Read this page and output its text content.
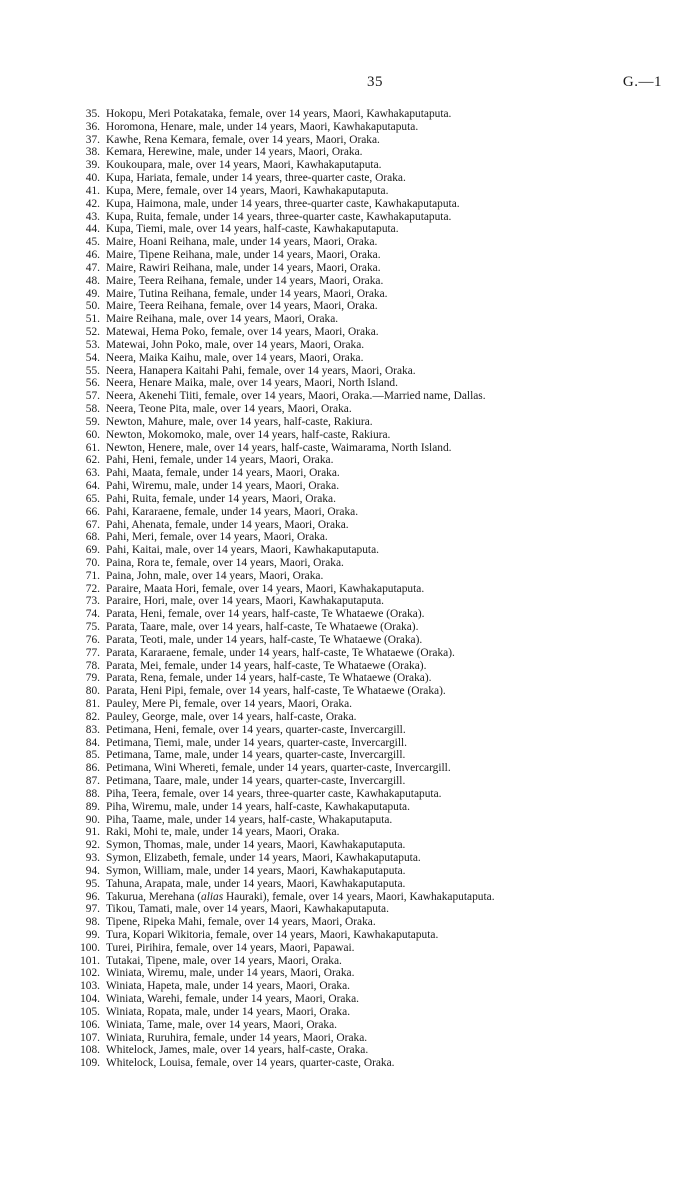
35	G.—1
35. Hokopu, Meri Potakataka, female, over 14 years, Maori, Kawhakaputaputa.
36. Horomona, Henare, male, under 14 years, Maori, Kawhakaputaputa.
37. Kawhe, Rena Kemara, female, over 14 years, Maori, Oraka.
38. Kemara, Herewine, male, under 14 years, Maori, Oraka.
39. Koukoupara, male, over 14 years, Maori, Kawhakaputaputa.
40. Kupa, Hariata, female, under 14 years, three-quarter caste, Oraka.
41. Kupa, Mere, female, over 14 years, Maori, Kawhakaputaputa.
42. Kupa, Haimona, male, under 14 years, three-quarter caste, Kawhakaputaputa.
43. Kupa, Ruita, female, under 14 years, three-quarter caste, Kawhakaputaputa.
44. Kupa, Tiemi, male, over 14 years, half-caste, Kawhakaputaputa.
45. Maire, Hoani Reihana, male, under 14 years, Maori, Oraka.
46. Maire, Tipene Reihana, male, under 14 years, Maori, Oraka.
47. Maire, Rawiri Reihana, male, under 14 years, Maori, Oraka.
48. Maire, Teera Reihana, female, under 14 years, Maori, Oraka.
49. Maire, Tutina Reihana, female, under 14 years, Maori, Oraka.
50. Maire, Teera Reihana, female, over 14 years, Maori, Oraka.
51. Maire Reihana, male, over 14 years, Maori, Oraka.
52. Matewai, Hema Poko, female, over 14 years, Maori, Oraka.
53. Matewai, John Poko, male, over 14 years, Maori, Oraka.
54. Neera, Maika Kaihu, male, over 14 years, Maori, Oraka.
55. Neera, Hanapera Kaitahi Pahi, female, over 14 years, Maori, Oraka.
56. Neera, Henare Maika, male, over 14 years, Maori, North Island.
57. Neera, Akenehi Tiiti, female, over 14 years, Maori, Oraka.—Married name, Dallas.
58. Neera, Teone Pita, male, over 14 years, Maori, Oraka.
59. Newton, Mahure, male, over 14 years, half-caste, Rakiura.
60. Newton, Mokomoko, male, over 14 years, half-caste, Rakiura.
61. Newton, Henere, male, over 14 years, half-caste, Waimarama, North Island.
62. Pahi, Heni, female, under 14 years, Maori, Oraka.
63. Pahi, Maata, female, under 14 years, Maori, Oraka.
64. Pahi, Wiremu, male, under 14 years, Maori, Oraka.
65. Pahi, Ruita, female, under 14 years, Maori, Oraka.
66. Pahi, Kararaene, female, under 14 years, Maori, Oraka.
67. Pahi, Ahenata, female, under 14 years, Maori, Oraka.
68. Pahi, Meri, female, over 14 years, Maori, Oraka.
69. Pahi, Kaitai, male, over 14 years, Maori, Kawhakaputaputa.
70. Paina, Rora te, female, over 14 years, Maori, Oraka.
71. Paina, John, male, over 14 years, Maori, Oraka.
72. Paraire, Maata Hori, female, over 14 years, Maori, Kawhakaputaputa.
73. Paraire, Hori, male, over 14 years, Maori, Kawhakaputaputa.
74. Parata, Heni, female, over 14 years, half-caste, Te Whataewe (Oraka).
75. Parata, Taare, male, over 14 years, half-caste, Te Whataewe (Oraka).
76. Parata, Teoti, male, under 14 years, half-caste, Te Whataewe (Oraka).
77. Parata, Kararaene, female, under 14 years, half-caste, Te Whataewe (Oraka).
78. Parata, Mei, female, under 14 years, half-caste, Te Whataewe (Oraka).
79. Parata, Rena, female, under 14 years, half-caste, Te Whataewe (Oraka).
80. Parata, Heni Pipi, female, over 14 years, half-caste, Te Whataewe (Oraka).
81. Pauley, Mere Pi, female, over 14 years, Maori, Oraka.
82. Pauley, George, male, over 14 years, half-caste, Oraka.
83. Petimana, Heni, female, over 14 years, quarter-caste, Invercargill.
84. Petimana, Tiemi, male, under 14 years, quarter-caste, Invercargill.
85. Petimana, Tame, male, under 14 years, quarter-caste, Invercargill.
86. Petimana, Wini Whereti, female, under 14 years, quarter-caste, Invercargill.
87. Petimana, Taare, male, under 14 years, quarter-caste, Invercargill.
88. Piha, Teera, female, over 14 years, three-quarter caste, Kawhakaputaputa.
89. Piha, Wiremu, male, under 14 years, half-caste, Kawhakaputaputa.
90. Piha, Taame, male, under 14 years, half-caste, Whakaputaputa.
91. Raki, Mohi te, male, under 14 years, Maori, Oraka.
92. Symon, Thomas, male, under 14 years, Maori, Kawhakaputaputa.
93. Symon, Elizabeth, female, under 14 years, Maori, Kawhakaputaputa.
94. Symon, William, male, under 14 years, Maori, Kawhakaputaputa.
95. Tahuna, Arapata, male, under 14 years, Maori, Kawhakaputaputa.
96. Takurua, Merehana (alias Hauraki), female, over 14 years, Maori, Kawhakaputaputa.
97. Tikou, Tamati, male, over 14 years, Maori, Kawhakaputaputa.
98. Tipene, Ripeka Mahi, female, over 14 years, Maori, Oraka.
99. Tura, Kopari Wikitoria, female, over 14 years, Maori, Kawhakaputaputa.
100. Turei, Pirihira, female, over 14 years, Maori, Papawai.
101. Tutakai, Tipene, male, over 14 years, Maori, Oraka.
102. Winiata, Wiremu, male, under 14 years, Maori, Oraka.
103. Winiata, Hapeta, male, under 14 years, Maori, Oraka.
104. Winiata, Warehi, female, under 14 years, Maori, Oraka.
105. Winiata, Ropata, male, under 14 years, Maori, Oraka.
106. Winiata, Tame, male, over 14 years, Maori, Oraka.
107. Winiata, Ruruhira, female, under 14 years, Maori, Oraka.
108. Whitelock, James, male, over 14 years, half-caste, Oraka.
109. Whitelock, Louisa, female, over 14 years, quarter-caste, Oraka.
